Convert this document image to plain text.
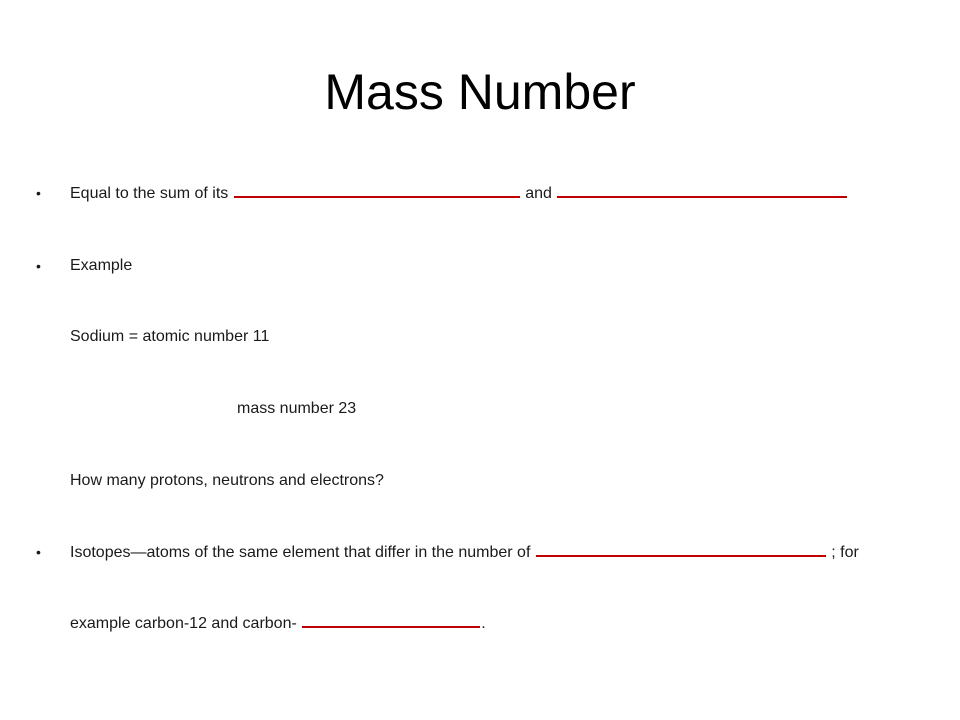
Mass Number
• Equal to the sum of its	and
• Example
Sodium = atomic number 11
mass number 23
How many protons, neutrons and electrons?
• Isotopes—atoms of the same element that differ in the number of	; for
example carbon-12 and carbon-	.
